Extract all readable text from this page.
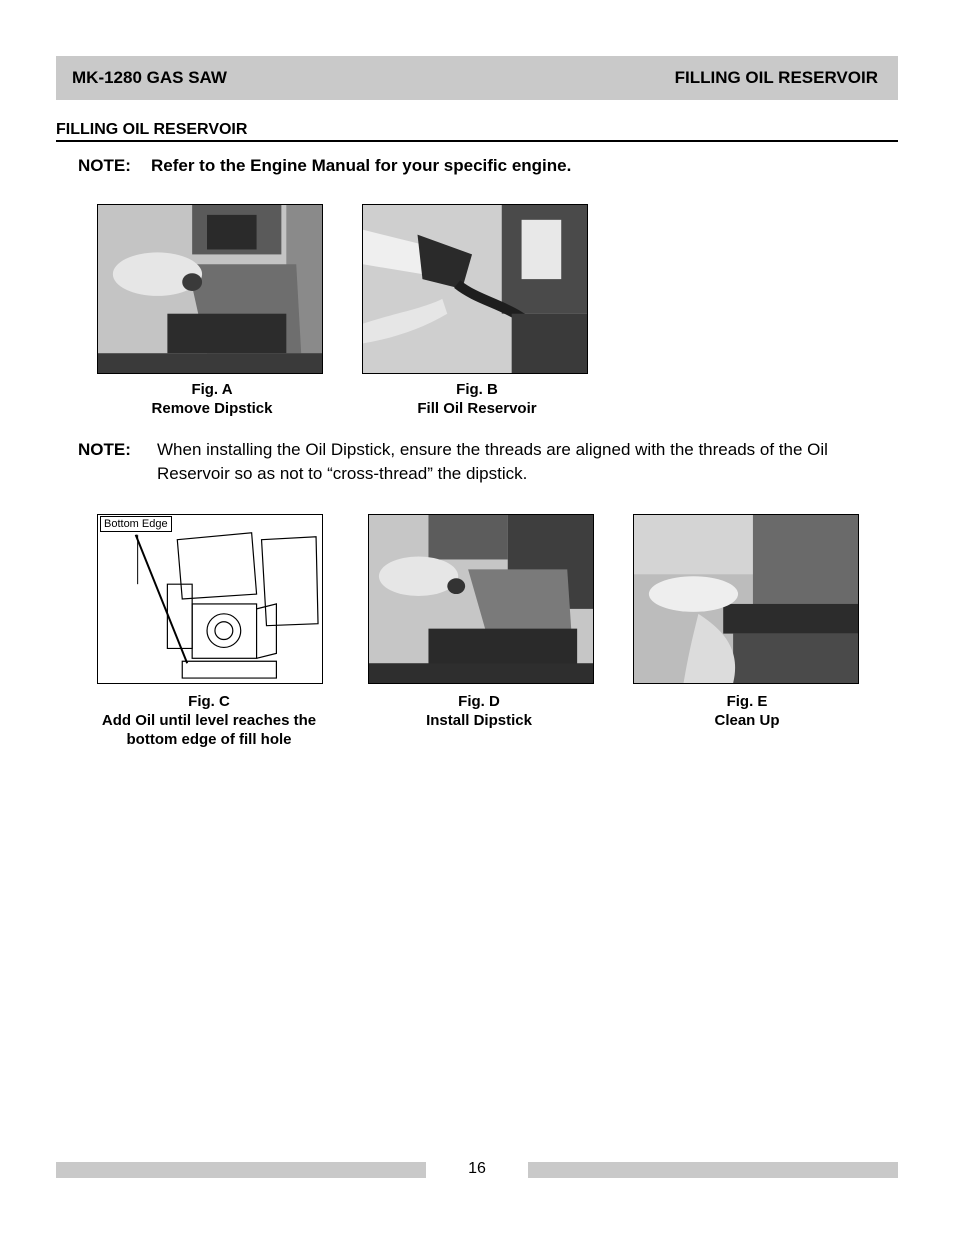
MK-1280 GAS SAW	FILLING OIL RESERVOIR
FILLING OIL RESERVOIR
NOTE: Refer to the Engine Manual for your specific engine.
Fig. A
Remove Dipstick
Fig. B
Fill Oil Reservoir
NOTE: When installing the Oil Dipstick, ensure the threads are aligned with the threads of the Oil Reservoir so as not to “cross-thread” the dipstick.
Bottom Edge
Fig. C
Add Oil until level reaches the bottom edge of fill hole
Fig. D
Install Dipstick
Fig. E
Clean Up
16
